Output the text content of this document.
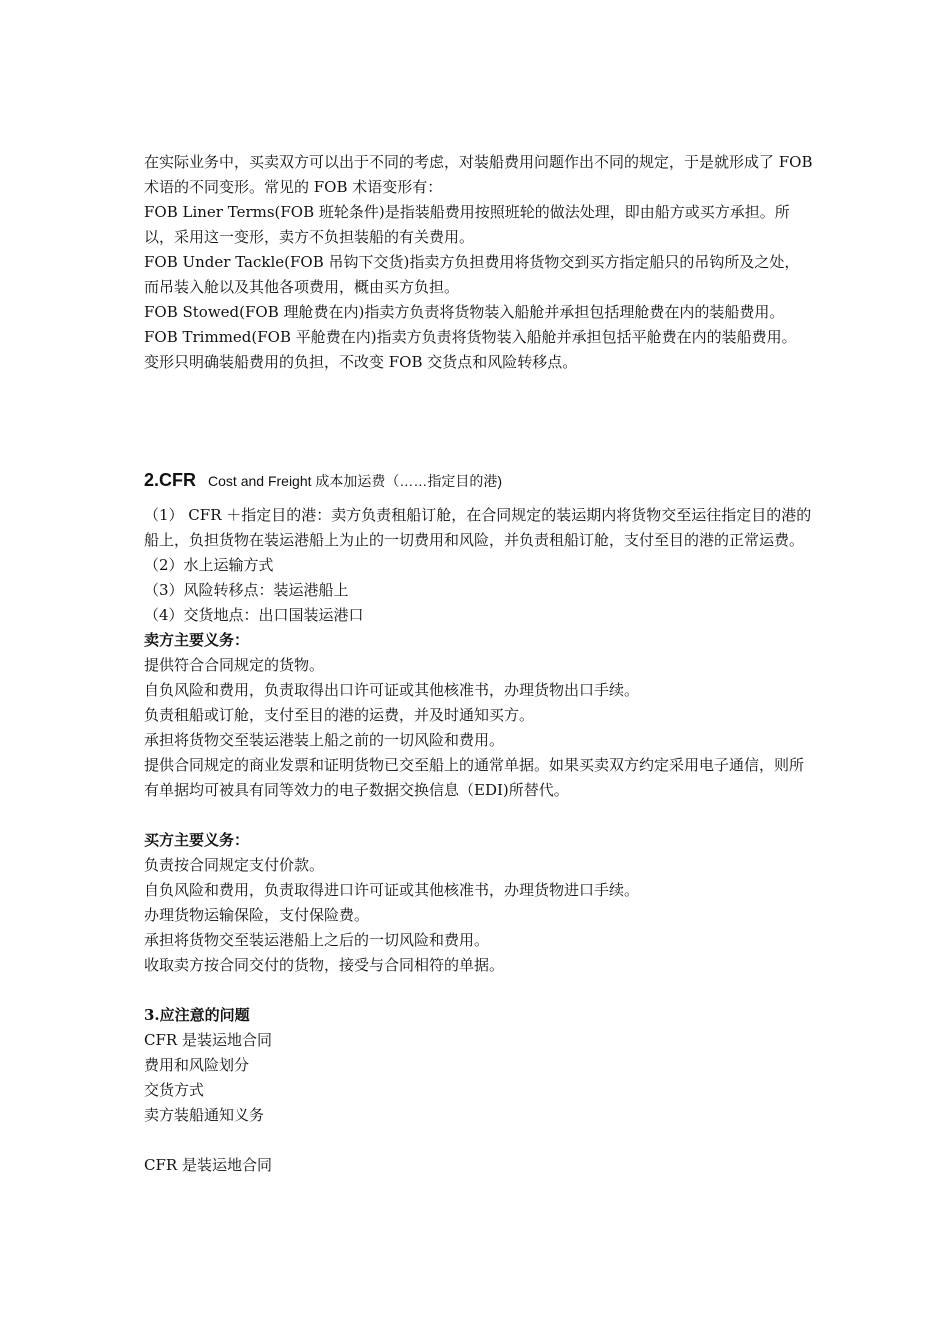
在实际业务中，买卖双方可以出于不同的考虑，对装船费用问题作出不同的规定，于是就形成了 FOB 术语的不同变形。常见的 FOB 术语变形有：

FOB Liner Terms(FOB 班轮条件)是指装船费用按照班轮的做法处理，即由船方或买方承担。所以，采用这一变形，卖方不负担装船的有关费用。

FOB Under Tackle(FOB 吊钩下交货)指卖方负担费用将货物交到买方指定船只的吊钩所及之处，而吊装入舱以及其他各项费用，概由买方负担。

FOB Stowed(FOB 理舱费在内)指卖方负责将货物装入船舱并承担包括理舱费在内的装船费用。

FOB Trimmed(FOB 平舱费在内)指卖方负责将货物装入船舱并承担包括平舱费在内的装船费用。

变形只明确装船费用的负担，不改变 FOB 交货点和风险转移点。

2.CFR Cost and Freight 成本加运费（……指定目的港)

（1） CFR ＋指定目的港：卖方负责租船订舱，在合同规定的装运期内将货物交至运往指定目的港的船上，负担货物在装运港船上为止的一切费用和风险，并负责租船订舱，支付至目的港的正常运费。

（2）水上运输方式

（3）风险转移点：装运港船上

（4）交货地点：出口国装运港口

卖方主要义务：

提供符合合同规定的货物。

自负风险和费用，负责取得出口许可证或其他核准书，办理货物出口手续。

负责租船或订舱，支付至目的港的运费，并及时通知买方。

承担将货物交至装运港装上船之前的一切风险和费用。

提供合同规定的商业发票和证明货物已交至船上的通常单据。如果买卖双方约定采用电子通信，则所有单据均可被具有同等效力的电子数据交换信息（EDI)所替代。

买方主要义务：

负责按合同规定支付价款。

自负风险和费用，负责取得进口许可证或其他核准书，办理货物进口手续。

办理货物运输保险，支付保险费。

承担将货物交至装运港船上之后的一切风险和费用。

收取卖方按合同交付的货物，接受与合同相符的单据。

3.应注意的问题

CFR 是装运地合同

费用和风险划分

交货方式

卖方装船通知义务

CFR 是装运地合同
